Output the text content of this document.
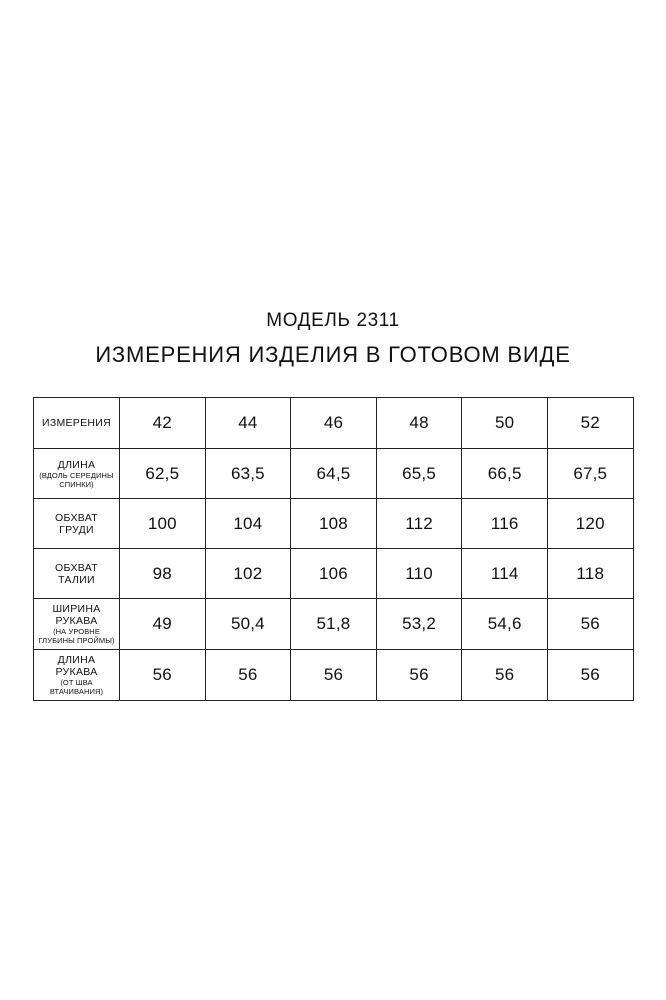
МОДЕЛЬ 2311
ИЗМЕРЕНИЯ ИЗДЕЛИЯ В ГОТОВОМ ВИДЕ
ИЗМЕРЕНИЯ	42	44	46	48	50	52

ДЛИНА
(ВДОЛЬ СЕРЕДИНЫ
СПИНКИ)	62,5	63,5	64,5	65,5	66,5	67,5

ОБХВАТ
ГРУДИ	100	104	108	112	116	120

ОБХВАТ
ТАЛИИ	98	102	106	110	114	118

ШИРИНА
РУКАВА
(НА УРОВНЕ
ГЛУБИНЫ ПРОЙМЫ)	49	50,4	51,8	53,2	54,6	56

ДЛИНА
РУКАВА
(ОТ ШВА
ВТАЧИВАНИЯ)	56	56	56	56	56	56
